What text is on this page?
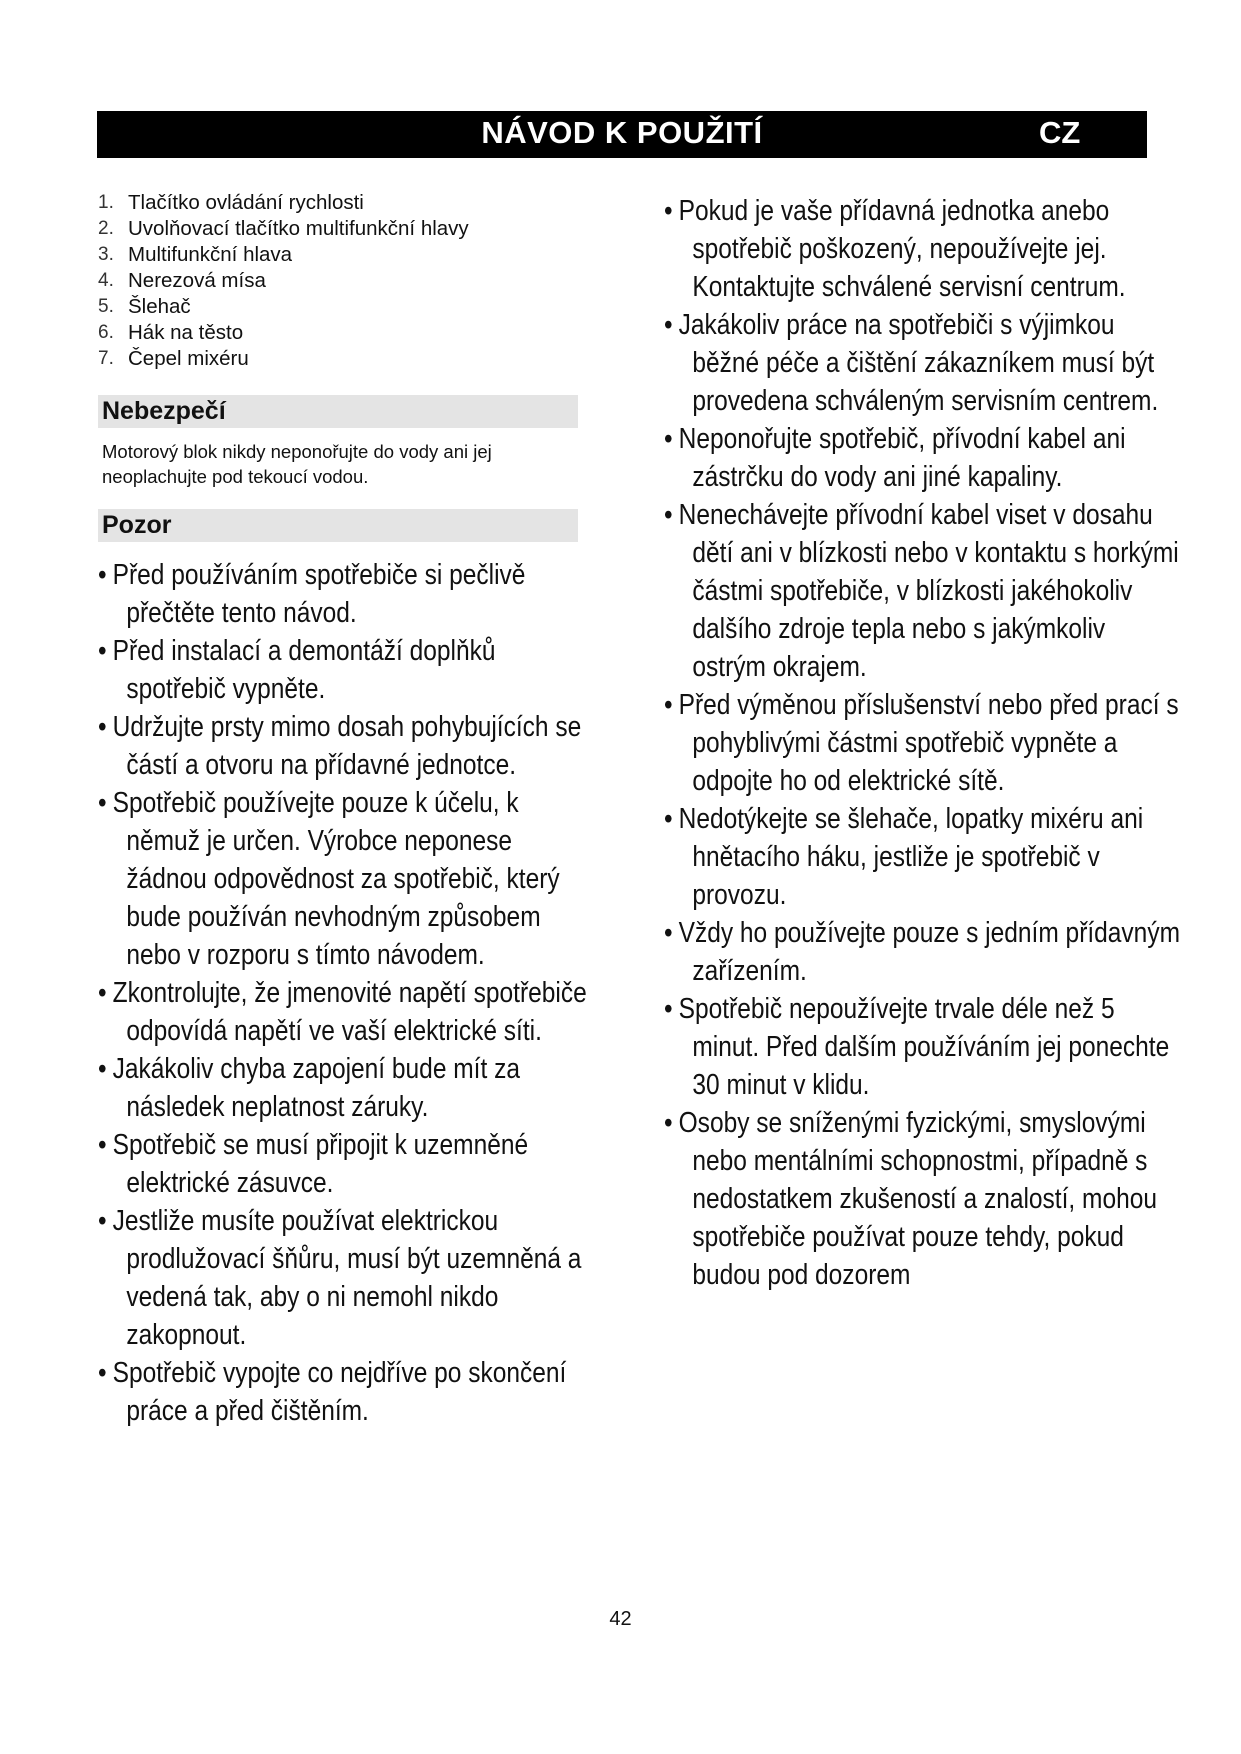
NÁVOD K POUŽITÍ	CZ
1. Tlačítko ovládání rychlosti
2. Uvolňovací tlačítko multifunkční hlavy
3. Multifunkční hlava
4. Nerezová mísa
5. Šlehač
6. Hák na těsto
7. Čepel mixéru
Nebezpečí
Motorový blok nikdy neponořujte do vody ani jej neoplachujte pod tekoucí vodou.
Pozor
• Před používáním spotřebiče si pečlivě přečtěte tento návod.
• Před instalací a demontáží doplňků spotřebič vypněte.
• Udržujte prsty mimo dosah pohybujících se částí a otvoru na přídavné jednotce.
• Spotřebič používejte pouze k účelu, k němuž je určen. Výrobce neponese žádnou odpovědnost za spotřebič, který bude používán nevhodným způsobem nebo v rozporu s tímto návodem.
• Zkontrolujte, že jmenovité napětí spotřebiče odpovídá napětí ve vaší elektrické síti.
• Jakákoliv chyba zapojení bude mít za následek neplatnost záruky.
• Spotřebič se musí připojit k uzemněné elektrické zásuvce.
• Jestliže musíte používat elektrickou prodlužovací šňůru, musí být uzemněná a vedená tak, aby o ni nemohl nikdo zakopnout.
• Spotřebič vypojte co nejdříve po skončení práce a před čištěním.
• Pokud je vaše přídavná jednotka anebo spotřebič poškozený, nepoužívejte jej. Kontaktujte schválené servisní centrum.
• Jakákoliv práce na spotřebiči s výjimkou běžné péče a čištění zákazníkem musí být provedena schváleným servisním centrem.
• Neponořujte spotřebič, přívodní kabel ani zástrčku do vody ani jiné kapaliny.
• Nenechávejte přívodní kabel viset v dosahu dětí ani v blízkosti nebo v kontaktu s horkými částmi spotřebiče, v blízkosti jakéhokoliv dalšího zdroje tepla nebo s jakýmkoliv ostrým okrajem.
• Před výměnou příslušenství nebo před prací s pohyblivými částmi spotřebič vypněte a odpojte ho od elektrické sítě.
• Nedotýkejte se šlehače, lopatky mixéru ani hnětacího háku, jestliže je spotřebič v provozu.
• Vždy ho používejte pouze s jedním přídavným zařízením.
• Spotřebič nepoužívejte trvale déle než 5 minut. Před dalším používáním jej ponechte 30 minut v klidu.
• Osoby se sníženými fyzickými, smyslovými nebo mentálními schopnostmi, případně s nedostatkem zkušeností a znalostí, mohou spotřebiče používat pouze tehdy, pokud budou pod dozorem
42
